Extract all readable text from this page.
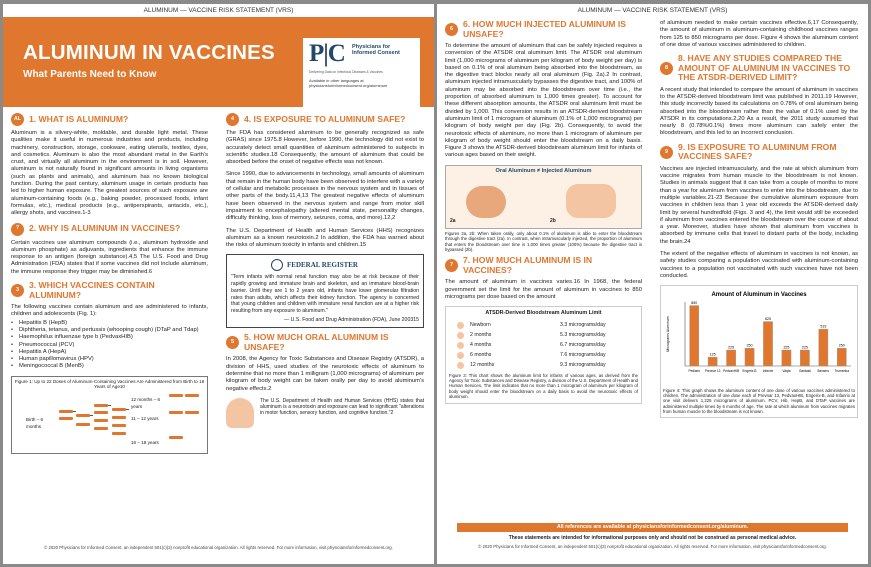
ALUMINUM — VACCINE RISK STATEMENT (VRS)
ALUMINUM IN VACCINES
What Parents Need to Know
P|C Physicians for Informed Consent
Delivering Data on Infectious Diseases & Vaccines
Available in other languages at physiciansforinformedconsent.org/aluminum
AL 1. WHAT IS ALUMINUM?

Aluminum is a silvery-white, moldable, and durable light metal. These qualities make it useful in numerous industries and products, including machinery, construction, storage, cookware, eating utensils, textiles, dyes, and cosmetics. Aluminum is also the most abundant metal in the Earth's crust, and virtually all aluminum in the environment is in soil. However, aluminum is not naturally found in significant amounts in living organisms (such as plants and animals), and aluminum has no known biological function. During the past century, aluminum usage in certain products has led to higher human exposure. The greatest sources of such exposure are aluminum-containing foods (e.g., baking powder, processed foods, infant formulas, etc.), medical products (e.g., antiperspirants, antacids, etc.), allergy shots, and vaccines.1-3

?	2. WHY IS ALUMINUM IN VACCINES?

Certain vaccines use aluminum compounds (i.e., aluminum hydroxide and aluminum phosphate) as adjuvants, ingredients that enhance the immune response to an antigen (foreign substance).4,5 The U.S. Food and Drug Administration (FDA) states that if some vaccines did not include aluminum, the immune response they trigger may be diminished.6

3	3. WHICH VACCINES CONTAIN ALUMINUM?

The following vaccines contain aluminum and are administered to infants, children and adolescents (Fig. 1):

• Hepatitis B (HepB)
• Diphtheria, tetanus, and pertussis (whooping cough) (DTaP and Tdap)
• Haemophilus influenzae type b (PedvaxHIB)
• Pneumococcal (PCV)
• Hepatitis A (HepA)
• Human papillomavirus (HPV)
• Meningococcal B (MenB)
Figure 1: Up to 22 Doses of Aluminum-Containing Vaccines Are Administered from Birth to 18 Years of Age10
Birth – 6 months
12 months – 6 years
11 – 12 years
16 – 18 years
4	4. IS EXPOSURE TO ALUMINUM SAFE?

The FDA has considered aluminum to be generally recognized as safe (GRAS) since 1975.8 However, before 1990, the technology did not exist to accurately detect small quantities of aluminum administered to subjects in scientific studies.18 Consequently, the amount of aluminum that could be absorbed before the onset of negative effects was not known.

Since 1990, due to advancements in technology, small amounts of aluminum that remain in the human body have been observed to interfere with a variety of cellular and metabolic processes in the nervous system and in tissues of other parts of the body.11,4,13 The greatest negative effects of aluminum have been observed in the nervous system and range from motor skill impairment to encephalopathy (altered mental state, personality changes, difficulty thinking, loss of memory, seizures, coma, and more).12,2

The U.S. Department of Health and Human Services (HHS) recognizes aluminum as a known neurotoxin.2 In addition, the FDA has warned about the risks of aluminum toxicity in infants and children.15

FEDERAL REGISTER
"Term infants with normal renal function may also be at risk because of their rapidly growing and immature brain and skeleton, and an immature blood-brain barrier. Until they are 1 to 2 years old, infants have lower glomerular filtration rates than adults, which affects their kidney function. The agency is concerned that young children and children with immature renal function are at a higher risk resulting from any exposure to aluminum."
— U.S. Food and Drug Administration (FDA), June 200315
5	5. HOW MUCH ORAL ALUMINUM IS UNSAFE?

In 2008, the Agency for Toxic Substances and Disease Registry (ATSDR), a division of HHS, used studies of the neurotoxic effects of aluminum to determine that no more than 1 milligram (1,000 micrograms) of aluminum per kilogram of body weight can be taken orally per day to avoid aluminum's negative effects.2

The U.S. Department of Health and Human Services (HHS) states that aluminum is a neurotoxin and exposure can lead to significant "alterations in motor function, sensory function, and cognitive function."2
© 2020 Physicians for Informed Consent, an independent 501(c)(3) nonprofit educational organization. All rights reserved. For more information, visit physiciansforinformedconsent.org.
ALUMINUM — VACCINE RISK STATEMENT (VRS)
6	6. HOW MUCH INJECTED ALUMINUM IS UNSAFE?

To determine the amount of aluminum that can be safely injected requires a conversion of the ATSDR oral aluminum limit. The ATSDR oral aluminum limit (1,000 micrograms of aluminum per kilogram of body weight per day) is based on 0.1% of oral aluminum being absorbed into the bloodstream, as the digestive tract blocks nearly all oral aluminum (Fig. 2a).2 In contrast, aluminum injected intramuscularly bypasses the digestive tract, and 100% of aluminum may be absorbed into the bloodstream over time (i.e., the proportion of absorbed aluminum is 1,000 times greater). To account for these different absorption amounts, the ATSDR oral aluminum limit must be divided by 1,000. This conversion results in an ATSDR-derived bloodstream aluminum limit of 1 microgram of aluminum (0.1% of 1,000 micrograms) per kilogram of body weight per day (Fig. 2b). Consequently, to avoid the neurotoxic effects of aluminum, no more than 1 microgram of aluminum per kilogram of body weight should enter the bloodstream on a daily basis. Figure 3 shows the ATSDR-derived bloodstream aluminum limit for infants of various ages based on their weight.

Oral Aluminum ≠ Injected Aluminum
2a	2b

Figures 2a, 2b: When taken orally, only about 0.1% of aluminum is able to enter the bloodstream through the digestive tract (2a). In contrast, when intramuscularly injected, the proportion of aluminum that enters the bloodstream over time is 1,000 times greater (100%) because the digestive tract is bypassed (2b).

7	7. HOW MUCH ALUMINUM IS IN VACCINES?

The amount of aluminum in vaccines varies.16 In 1968, the federal government set the limit for the amount of aluminum in vaccines to 850 micrograms per dose based on the amount

ATSDR-Derived Bloodstream Aluminum Limit
Newborn	3.3 micrograms/day
2 months	5.3 micrograms/day
4 months	6.7 micrograms/day
6 months	7.6 micrograms/day
12 months	9.3 micrograms/day

Figure 3: This chart shows the aluminum limit for infants of various ages, as derived from the Agency for Toxic Substances and Disease Registry, a division of the U.S. Department of Health and Human Services. The limit indicates that no more than 1 microgram of aluminum per kilogram of body weight should enter the bloodstream on a daily basis to avoid the neurotoxic effects of aluminum.

of aluminum needed to make certain vaccines effective.6,17 Consequently, the amount of aluminum in aluminum-containing childhood vaccines ranges from 125 to 850 micrograms per dose. Figure 4 shows the aluminum content of one dose of various vaccines administered to children.

8
8. HAVE ANY STUDIES COMPARED THE AMOUNT OF ALUMINUM IN VACCINES TO THE ATSDR-DERIVED LIMIT?

A recent study that intended to compare the amount of aluminum in vaccines to the ATSDR-derived bloodstream limit was published in 2011.19 However, this study incorrectly based its calculations on 0.78% of oral aluminum being absorbed into the bloodstream rather than the value of 0.1% used by the ATSDR in its computations.2,20 As a result, the 2011 study assumed that nearly 8 (0.78%/0.1%) times more aluminum can safely enter the bloodstream, and this led to an incorrect conclusion.

9	9. IS EXPOSURE TO ALUMINUM FROM VACCINES SAFE?

Vaccines are injected intramuscularly, and the rate at which aluminum from vaccine migrates from human muscle to the bloodstream is not known. Studies in animals suggest that it can take from a couple of months to more than a year for aluminum from vaccines to enter into the bloodstream, due to multiple variables.21-23 Because the cumulative aluminum exposure from vaccines in children less than 1 year old exceeds the ATSDR-derived daily limit by several hundredfold (Figs. 3 and 4), the limit would still be exceeded if aluminum from vaccines entered the bloodstream over the course of about a year. Moreover, studies have shown that aluminum from vaccines is absorbed by immune cells that travel to distant parts of the body, including the brain.24

The extent of the negative effects of aluminum in vaccines is not known, as safety studies comparing a population vaccinated with aluminum-containing vaccines to a population not vaccinated with such vaccines have not been conducted.

Amount of Aluminum in Vaccines
Micrograms Aluminum
850
Pediarix
125
Prevnar 13
225
PedvaxHIB
250
Engerix-B
625
Infanrix
225
Vaqta
225
Gardasil
519
Bexsero
250
Trumenba

Figure 4: This graph shows the aluminum content of one dose of various vaccines administered to children. The administration of one dose each of Prevnar 13, PedvaxHIB, Engerix-B, and Infanrix at one visit delivers 1,225 micrograms of aluminum. PCV, Hib, HepB, and DTaP vaccines are administered multiple times by 6 months of age. The rate at which aluminum from vaccines migrates from human muscle to the bloodstream is not known.

All references are available at physiciansforinformedconsent.org/aluminum.
These statements are intended for informational purposes only and should not be construed as personal medical advice.
© 2020 Physicians for Informed Consent, an independent 501(c)(3) nonprofit educational organization. All rights reserved. For more information, visit physiciansforinformedconsent.org.
